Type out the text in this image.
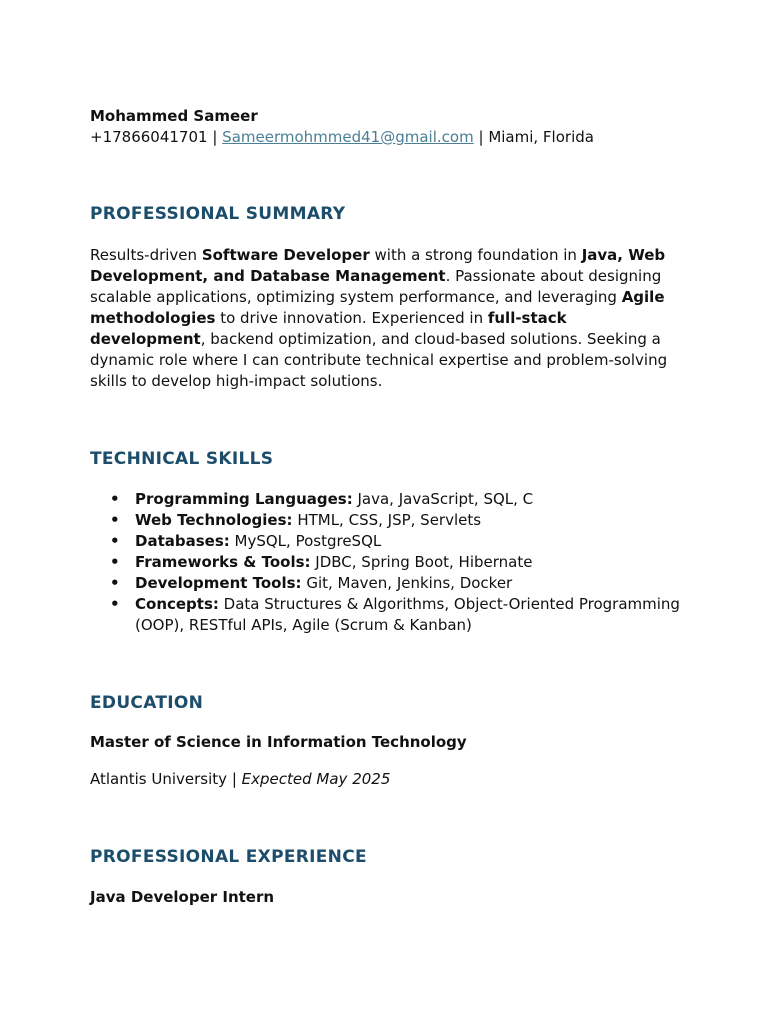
Mohammed Sameer
+17866041701 | Sameermohmmed41@gmail.com | Miami, Florida
PROFESSIONAL SUMMARY

Results-driven Software Developer with a strong foundation in Java, Web Development, and Database Management. Passionate about designing scalable applications, optimizing system performance, and leveraging Agile methodologies to drive innovation. Experienced in full-stack development, backend optimization, and cloud-based solutions. Seeking a dynamic role where I can contribute technical expertise and problem-solving skills to develop high-impact solutions.

TECHNICAL SKILLS
• Programming Languages: Java, JavaScript, SQL, C
• Web Technologies: HTML, CSS, JSP, Servlets
• Databases: MySQL, PostgreSQL
• Frameworks & Tools: JDBC, Spring Boot, Hibernate
• Development Tools: Git, Maven, Jenkins, Docker
• Concepts: Data Structures & Algorithms, Object-Oriented Programming (OOP), RESTful APIs, Agile (Scrum & Kanban)
EDUCATION
Master of Science in Information Technology
Atlantis University | Expected May 2025
PROFESSIONAL EXPERIENCE
Java Developer Intern
